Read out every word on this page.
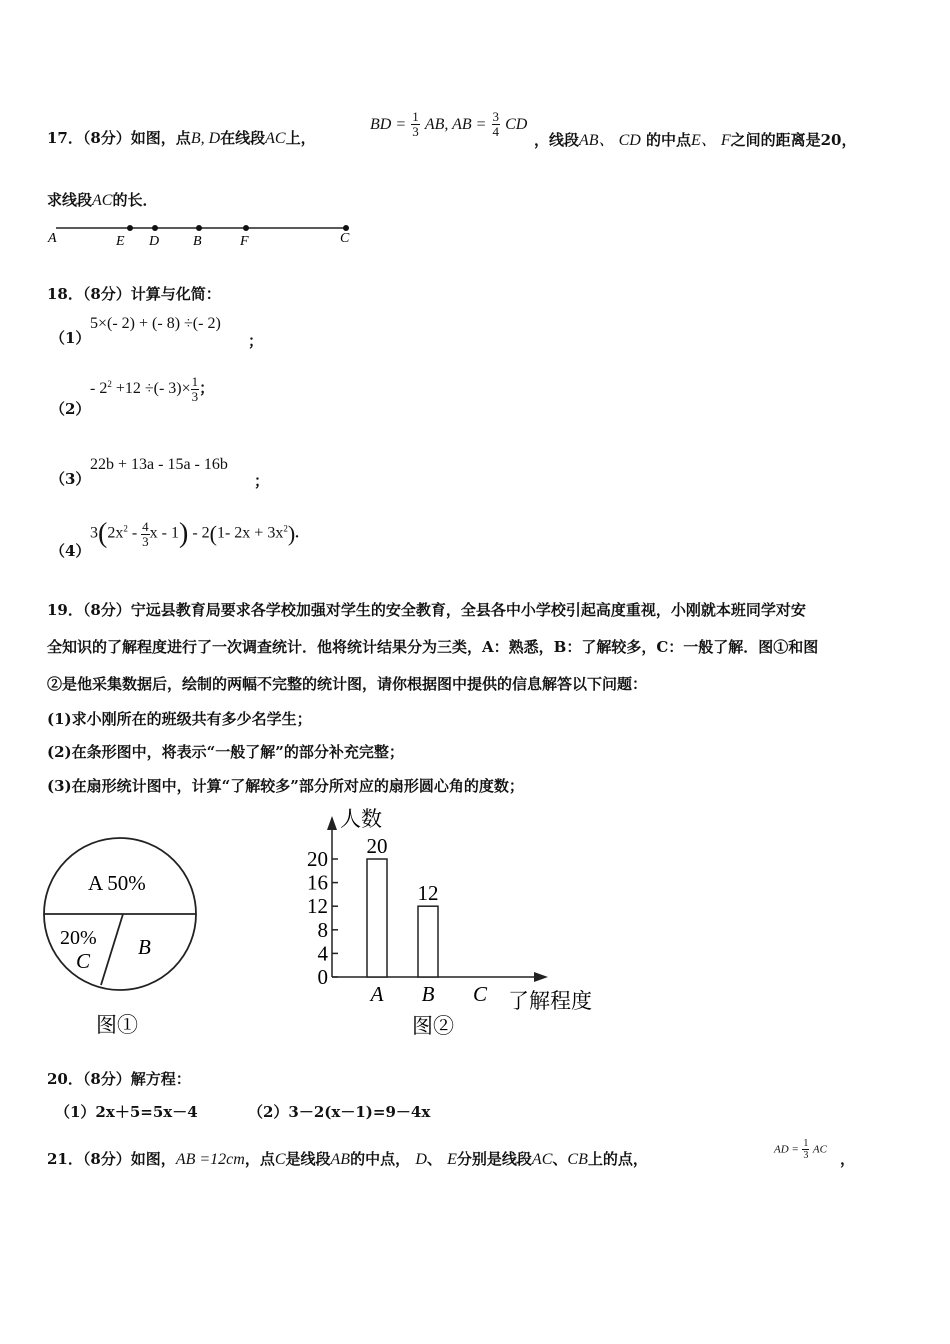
17．（8分）如图，点B, D在线段AC上，
BD = $\frac{1}{3}$ AB, AB = $\frac{3}{4}$ CD
，线段AB、 CD 的中点E、 F之间的距离是20，
求线段AC的长．
A	E D B	F	C
18．（8分）计算与化简：
（1）
5×(- 2) + (- 8) ÷(- 2)
；
（2）
- $2^2 +12$ ÷(- $3)\times \frac{1}{3}$ ；
（3）
22b + 13a - 15a - 16b
；
（4）
$3(2x^2 - \frac{4}{3}$ x - 1) - 2(1- $2x + 3x^2$).
19．（8分）宁远县教育局要求各学校加强对学生的安全教育，全县各中小学校引起高度重视，小刚就本班同学对安
全知识的了解程度进行了一次调查统计．他将统计结果分为三类，A：熟悉，B：了解较多，C：一般了解．图①和图
②是他采集数据后，绘制的两幅不完整的统计图，请你根据图中提供的信息解答以下问题：
(1)求小刚所在的班级共有多少名学生；
(2)在条形图中，将表示“一般了解”的部分补充完整；
(3)在扇形统计图中，计算“了解较多”部分所对应的扇形圆心角的度数；
A 50%
20%
C
B
图①
人数
了解程度
0
4
8
12
16
20
20
12
A B C
图②
20．（8分）解方程：
（1）2x＋5=5x－4	（2）3－2(x－1)=9－4x
21．（8分）如图，AB =12cm，点C是线段AB的中点， D、 E分别是线段AC、CB上的点，
AD = $\frac{1}{3}$ AC
，
